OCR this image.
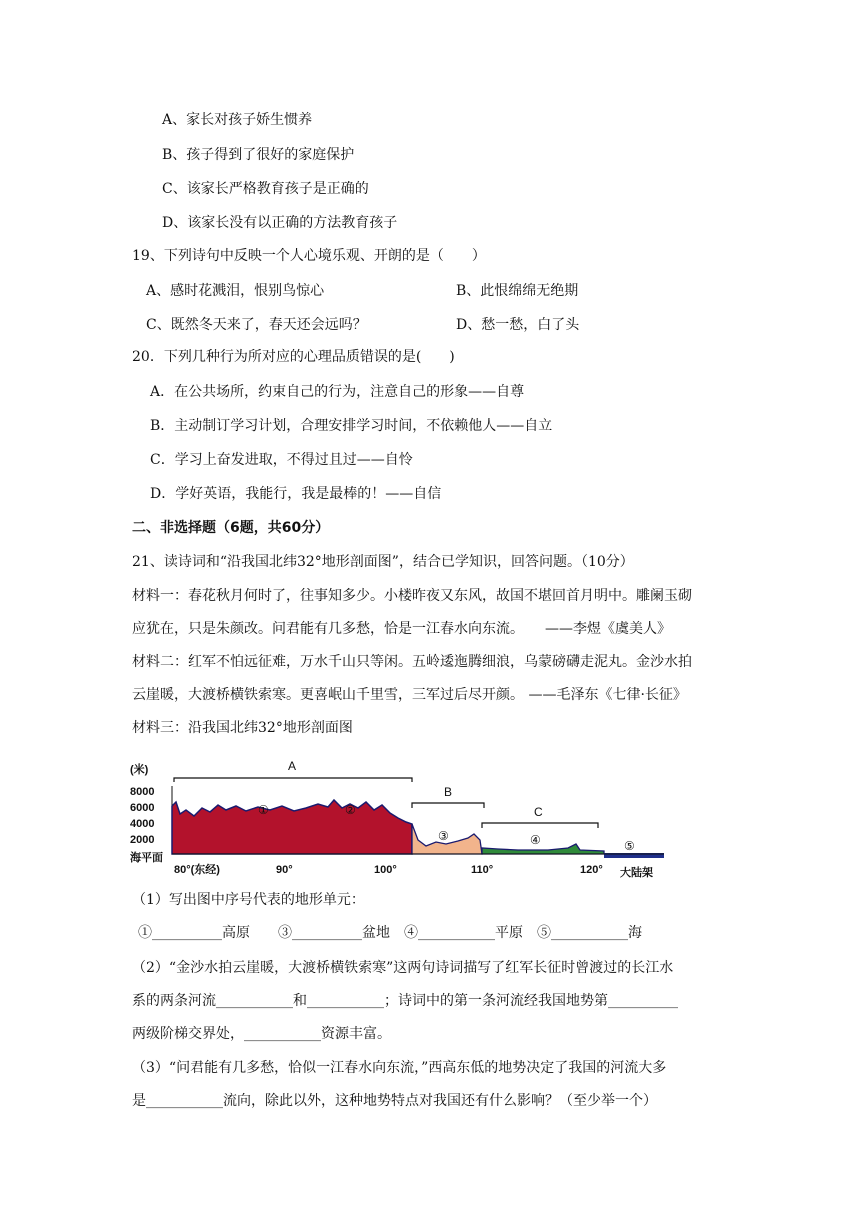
A、家长对孩子娇生惯养
B、孩子得到了很好的家庭保护
C、该家长严格教育孩子是正确的
D、该家长没有以正确的方法教育孩子
19、下列诗句中反映一个人心境乐观、开朗的是（　　）
A、感时花溅泪，恨别鸟惊心	B、此恨绵绵无绝期
C、既然冬天来了，春天还会远吗？	D、愁一愁，白了头
20．下列几种行为所对应的心理品质错误的是(　　)
A．在公共场所，约束自己的行为，注意自己的形象——自尊
B．主动制订学习计划，合理安排学习时间，不依赖他人——自立
C．学习上奋发进取，不得过且过——自怜
D．学好英语，我能行，我是最棒的！——自信
二、非选择题（6题，共60分）
21、读诗词和“沿我国北纬32°地形剖面图”，结合已学知识，回答问题。（10分）
材料一：春花秋月何时了，往事知多少。小楼昨夜又东风，故国不堪回首月明中。雕阑玉砌
应犹在，只是朱颜改。问君能有几多愁，恰是一江春水向东流。　　——李煜《虞美人》
材料二：红军不怕远征难，万水千山只等闲。五岭逶迤腾细浪，乌蒙磅礴走泥丸。金沙水拍
云崖暖，大渡桥横铁索寒。更喜岷山千里雪，三军过后尽开颜。 ——毛泽东《七律·长征》
材料三：沿我国北纬32°地形剖面图
(米)
8000
6000
4000
2000
海平面
A
B
C
①	②
③	④	⑤
80°(东经)	90°	100°	110°	120° 大陆架
（1）写出图中序号代表的地形单元：
①__________高原　　③__________盆地　④___________平原　⑤___________海
（2）“金沙水拍云崖暖，大渡桥横铁索寒”这两句诗词描写了红军长征时曾渡过的长江水
系的两条河流___________和___________；诗词中的第一条河流经我国地势第__________
两级阶梯交界处，___________资源丰富。
（3）“问君能有几多愁，恰似一江春水向东流，”西高东低的地势决定了我国的河流大多
是___________流向，除此以外，这种地势特点对我国还有什么影响？（至少举一个）
